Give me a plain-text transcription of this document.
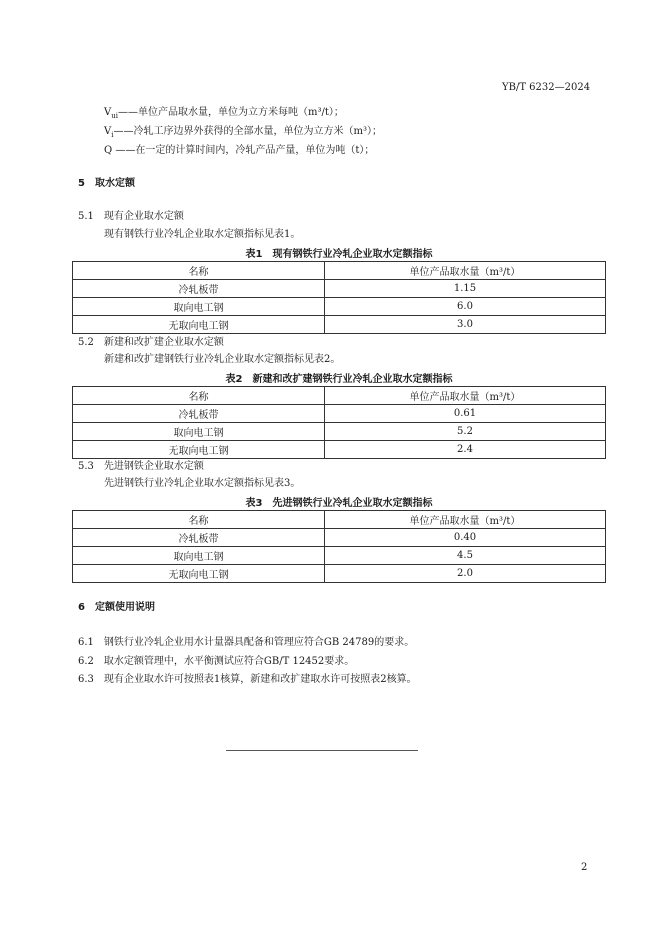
YB/T 6232—2024
$V_{ui}——$单位产品取水量，单位为立方米每吨（m³/t）；
$V_i——$冷轧工序边界外获得的全部水量，单位为立方米（m³）；
Q ——在一定的计算时间内，冷轧产品产量，单位为吨（t）；
5　取水定额
5.1　现有企业取水定额
现有钢铁行业冷轧企业取水定额指标见表1。
表1　现有钢铁行业冷轧企业取水定额指标
名称	单位产品取水量（m³/t）
冷轧板带	1.15
取向电工钢	6.0
无取向电工钢	3.0
5.2　新建和改扩建企业取水定额
新建和改扩建钢铁行业冷轧企业取水定额指标见表2。
表2　新建和改扩建钢铁行业冷轧企业取水定额指标
名称	单位产品取水量（m³/t）
冷轧板带	0.61
取向电工钢	5.2
无取向电工钢	2.4
5.3　先进钢铁企业取水定额
先进钢铁行业冷轧企业取水定额指标见表3。
表3　先进钢铁行业冷轧企业取水定额指标
名称	单位产品取水量（m³/t）
冷轧板带	0.40
取向电工钢	4.5
无取向电工钢	2.0
6　定额使用说明
6.1　钢铁行业冷轧企业用水计量器具配备和管理应符合GB 24789的要求。
6.2　取水定额管理中，水平衡测试应符合GB/T 12452要求。
6.3　现有企业取水许可按照表1核算，新建和改扩建取水许可按照表2核算。
2
